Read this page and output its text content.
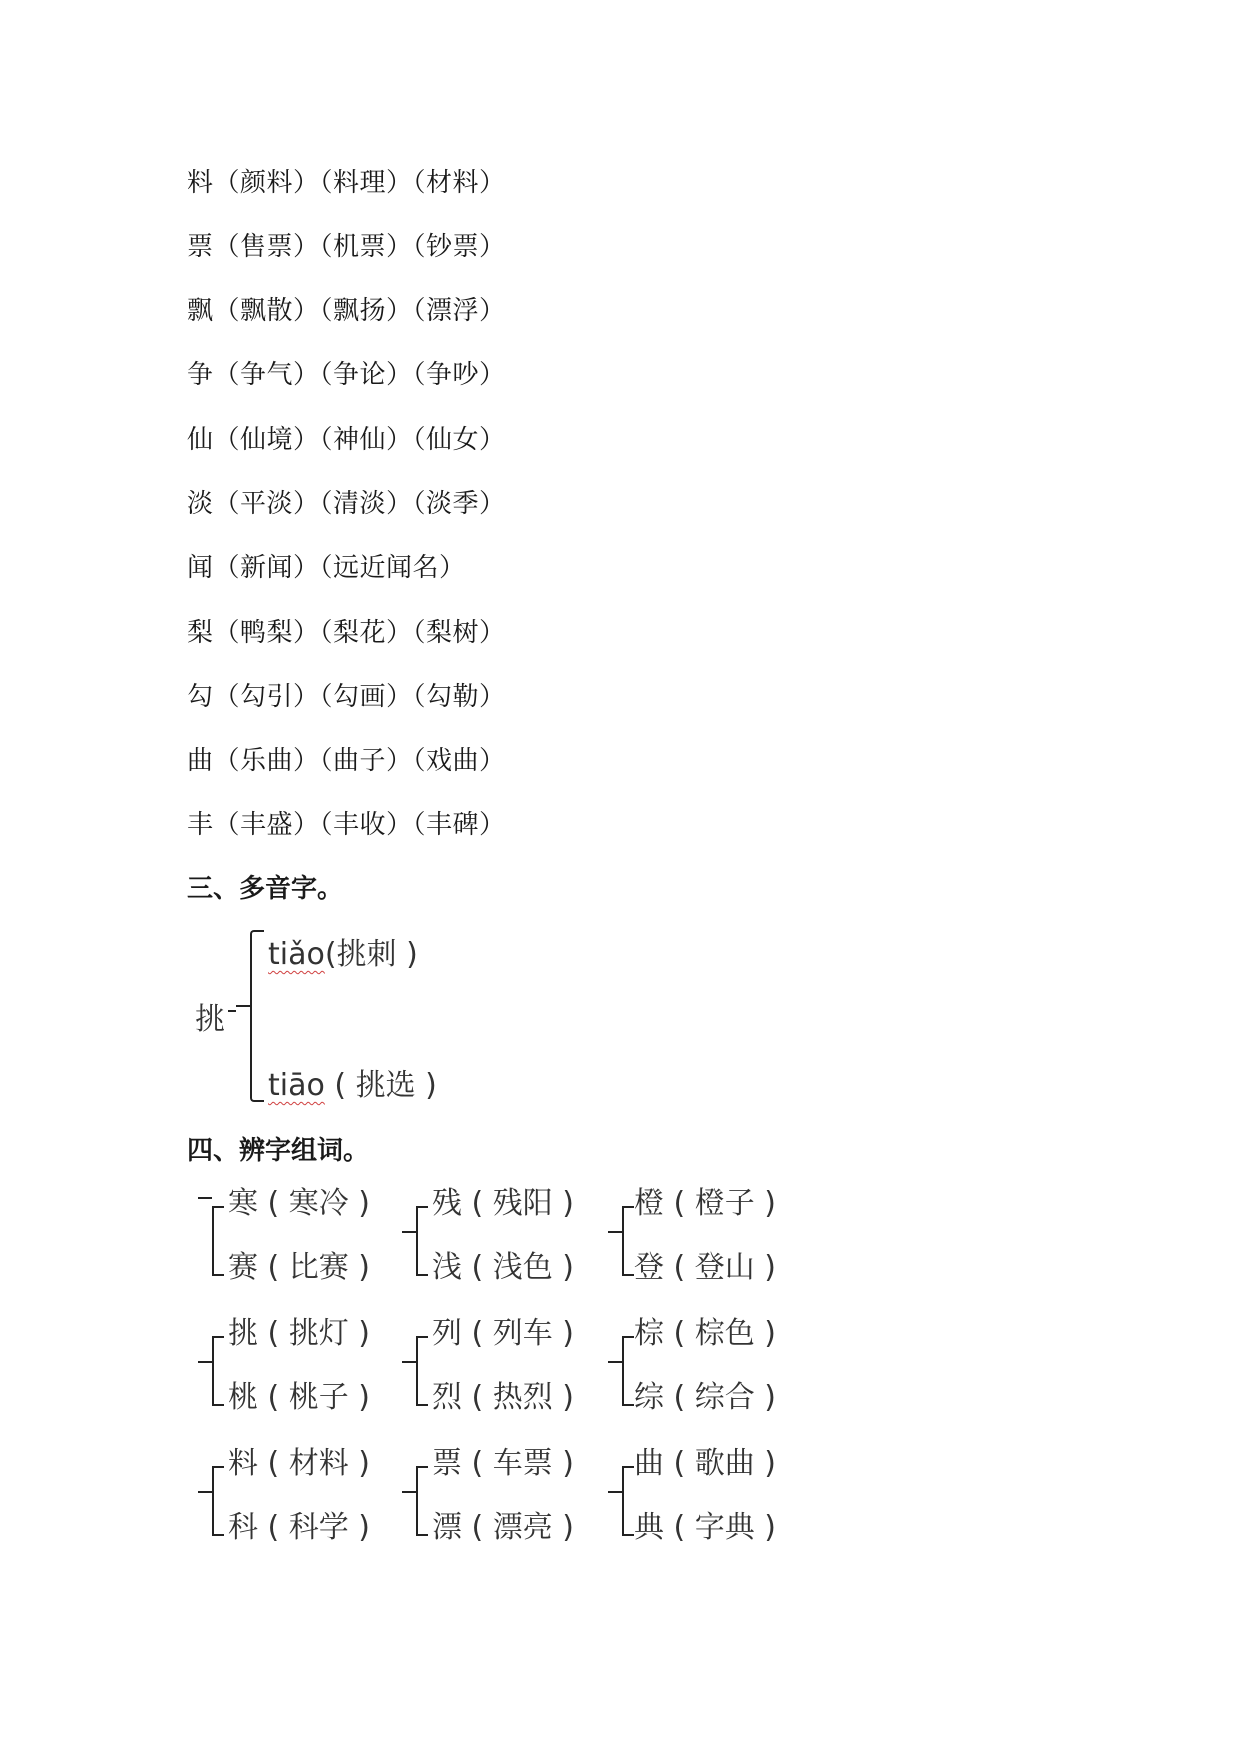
料（颜料）（料理）（材料）
票（售票）（机票）（钞票）
飘（飘散）（飘扬）（漂浮）
争（争气）（争论）（争吵）
仙（仙境）（神仙）（仙女）
淡（平淡）（清淡）（淡季）
闻（新闻）（远近闻名）
梨（鸭梨）（梨花）（梨树）
勾（勾引）（勾画）（勾勒）
曲（乐曲）（曲子）（戏曲）
丰（丰盛）（丰收）（丰碑）
三、多音字。
挑
tiǎo(挑刺 )
tiāo ( 挑选 )
四、辨字组词。
寒 ( 寒冷 )
赛 ( 比赛 )
残 ( 残阳 )
浅 ( 浅色 )
橙 ( 橙子 )
登 ( 登山 )
挑 ( 挑灯 )
桃 ( 桃子 )
列 ( 列车 )
烈 ( 热烈 )
棕 ( 棕色 )
综 ( 综合 )
料 ( 材料 )
科 ( 科学 )
票 ( 车票 )
漂 ( 漂亮 )
曲 ( 歌曲 )
典 ( 字典 )
